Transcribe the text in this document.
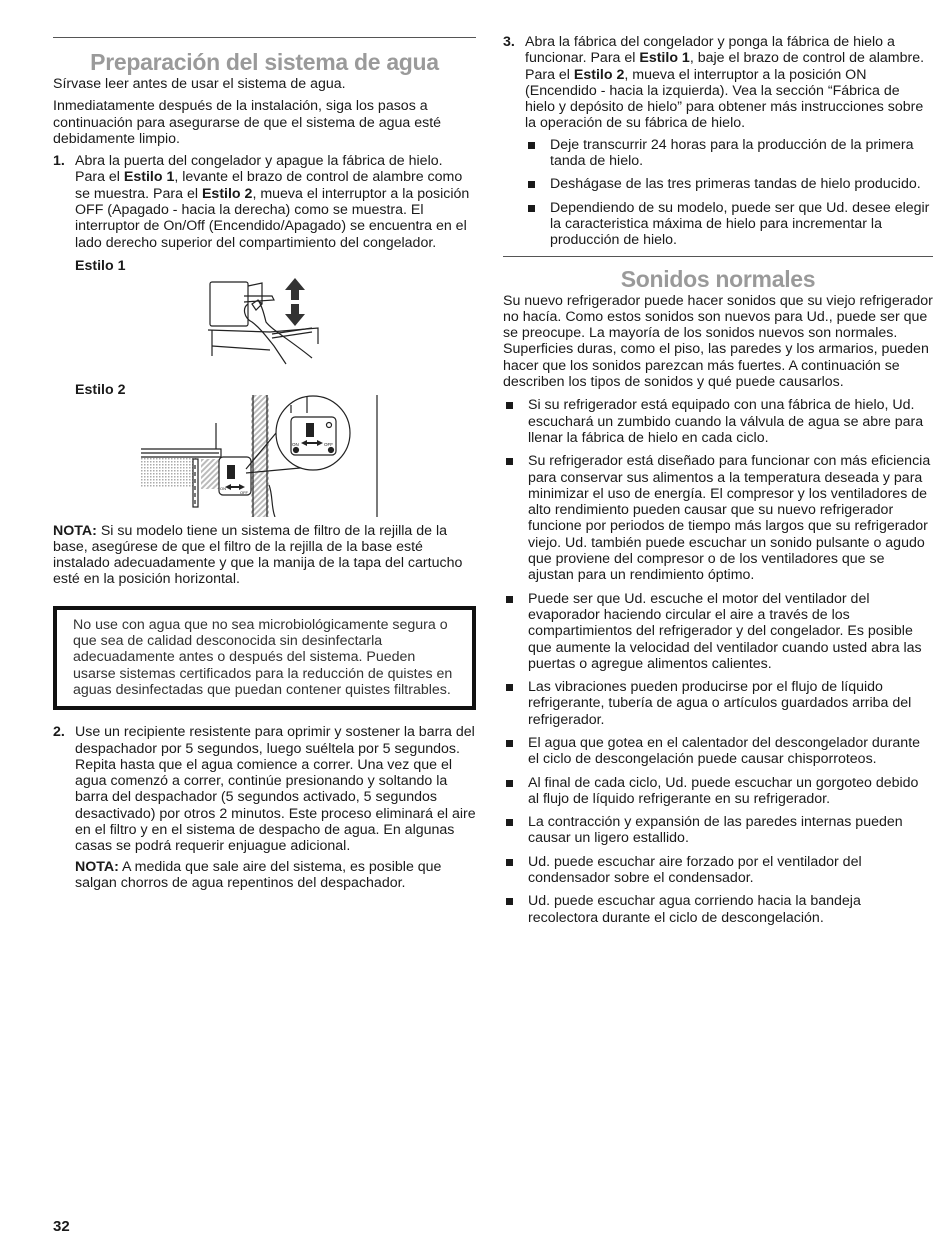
Preparación del sistema de agua

Sírvase leer antes de usar el sistema de agua.

Inmediatamente después de la instalación, siga los pasos a continuación para asegurarse de que el sistema de agua esté debidamente limpio.

1. Abra la puerta del congelador y apague la fábrica de hielo. Para el Estilo 1, levante el brazo de control de alambre como se muestra. Para el Estilo 2, mueva el interruptor a la posición OFF (Apagado - hacia la derecha) como se muestra. El interruptor de On/Off (Encendido/Apagado) se encuentra en el lado derecho superior del compartimiento del congelador.

Estilo 1

Estilo 2

ON	OFF
ON
OFF

NOTA: Si su modelo tiene un sistema de filtro de la rejilla de la base, asegúrese de que el filtro de la rejilla de la base esté instalado adecuadamente y que la manija de la tapa del cartucho esté en la posición horizontal.

No use con agua que no sea microbiológicamente segura o que sea de calidad desconocida sin desinfectarla adecuadamente antes o después del sistema. Pueden usarse sistemas certificados para la reducción de quistes en aguas desinfectadas que puedan contener quistes filtrables.

2. Use un recipiente resistente para oprimir y sostener la barra del despachador por 5 segundos, luego suéltela por 5 segundos. Repita hasta que el agua comience a correr. Una vez que el agua comenzó a correr, continúe presionando y soltando la barra del despachador (5 segundos activado, 5 segundos desactivado) por otros 2 minutos. Este proceso eliminará el aire en el filtro y en el sistema de despacho de agua. En algunas casas se podrá requerir enjuague adicional.

NOTA: A medida que sale aire del sistema, es posible que salgan chorros de agua repentinos del despachador.

3. Abra la fábrica del congelador y ponga la fábrica de hielo a funcionar. Para el Estilo 1, baje el brazo de control de alambre. Para el Estilo 2, mueva el interruptor a la posición ON (Encendido - hacia la izquierda). Vea la sección “Fábrica de hielo y depósito de hielo” para obtener más instrucciones sobre la operación de su fábrica de hielo.

Deje transcurrir 24 horas para la producción de la primera tanda de hielo.
Deshágase de las tres primeras tandas de hielo producido.
Dependiendo de su modelo, puede ser que Ud. desee elegir la caracteristica máxima de hielo para incrementar la producción de hielo.
Sonidos normales

Su nuevo refrigerador puede hacer sonidos que su viejo refrigerador no hacía. Como estos sonidos son nuevos para Ud., puede ser que se preocupe. La mayoría de los sonidos nuevos son normales. Superficies duras, como el piso, las paredes y los armarios, pueden hacer que los sonidos parezcan más fuertes. A continuación se describen los tipos de sonidos y qué puede causarlos.

Si su refrigerador está equipado con una fábrica de hielo, Ud. escuchará un zumbido cuando la válvula de agua se abre para llenar la fábrica de hielo en cada ciclo.
Su refrigerador está diseñado para funcionar con más eficiencia para conservar sus alimentos a la temperatura deseada y para minimizar el uso de energía. El compresor y los ventiladores de alto rendimiento pueden causar que su nuevo refrigerador funcione por periodos de tiempo más largos que su refrigerador viejo. Ud. también puede escuchar un sonido pulsante o agudo que proviene del compresor o de los ventiladores que se ajustan para un rendimiento óptimo.
Puede ser que Ud. escuche el motor del ventilador del evaporador haciendo circular el aire a través de los compartimientos del refrigerador y del congelador. Es posible que aumente la velocidad del ventilador cuando usted abra las puertas o agregue alimentos calientes.
Las vibraciones pueden producirse por el flujo de líquido refrigerante, tubería de agua o artículos guardados arriba del refrigerador.
El agua que gotea en el calentador del descongelador durante el ciclo de descongelación puede causar chisporroteos.
Al final de cada ciclo, Ud. puede escuchar un gorgoteo debido al flujo de líquido refrigerante en su refrigerador.
La contracción y expansión de las paredes internas pueden causar un ligero estallido.
Ud. puede escuchar aire forzado por el ventilador del condensador sobre el condensador.
Ud. puede escuchar agua corriendo hacia la bandeja recolectora durante el ciclo de descongelación.
32
